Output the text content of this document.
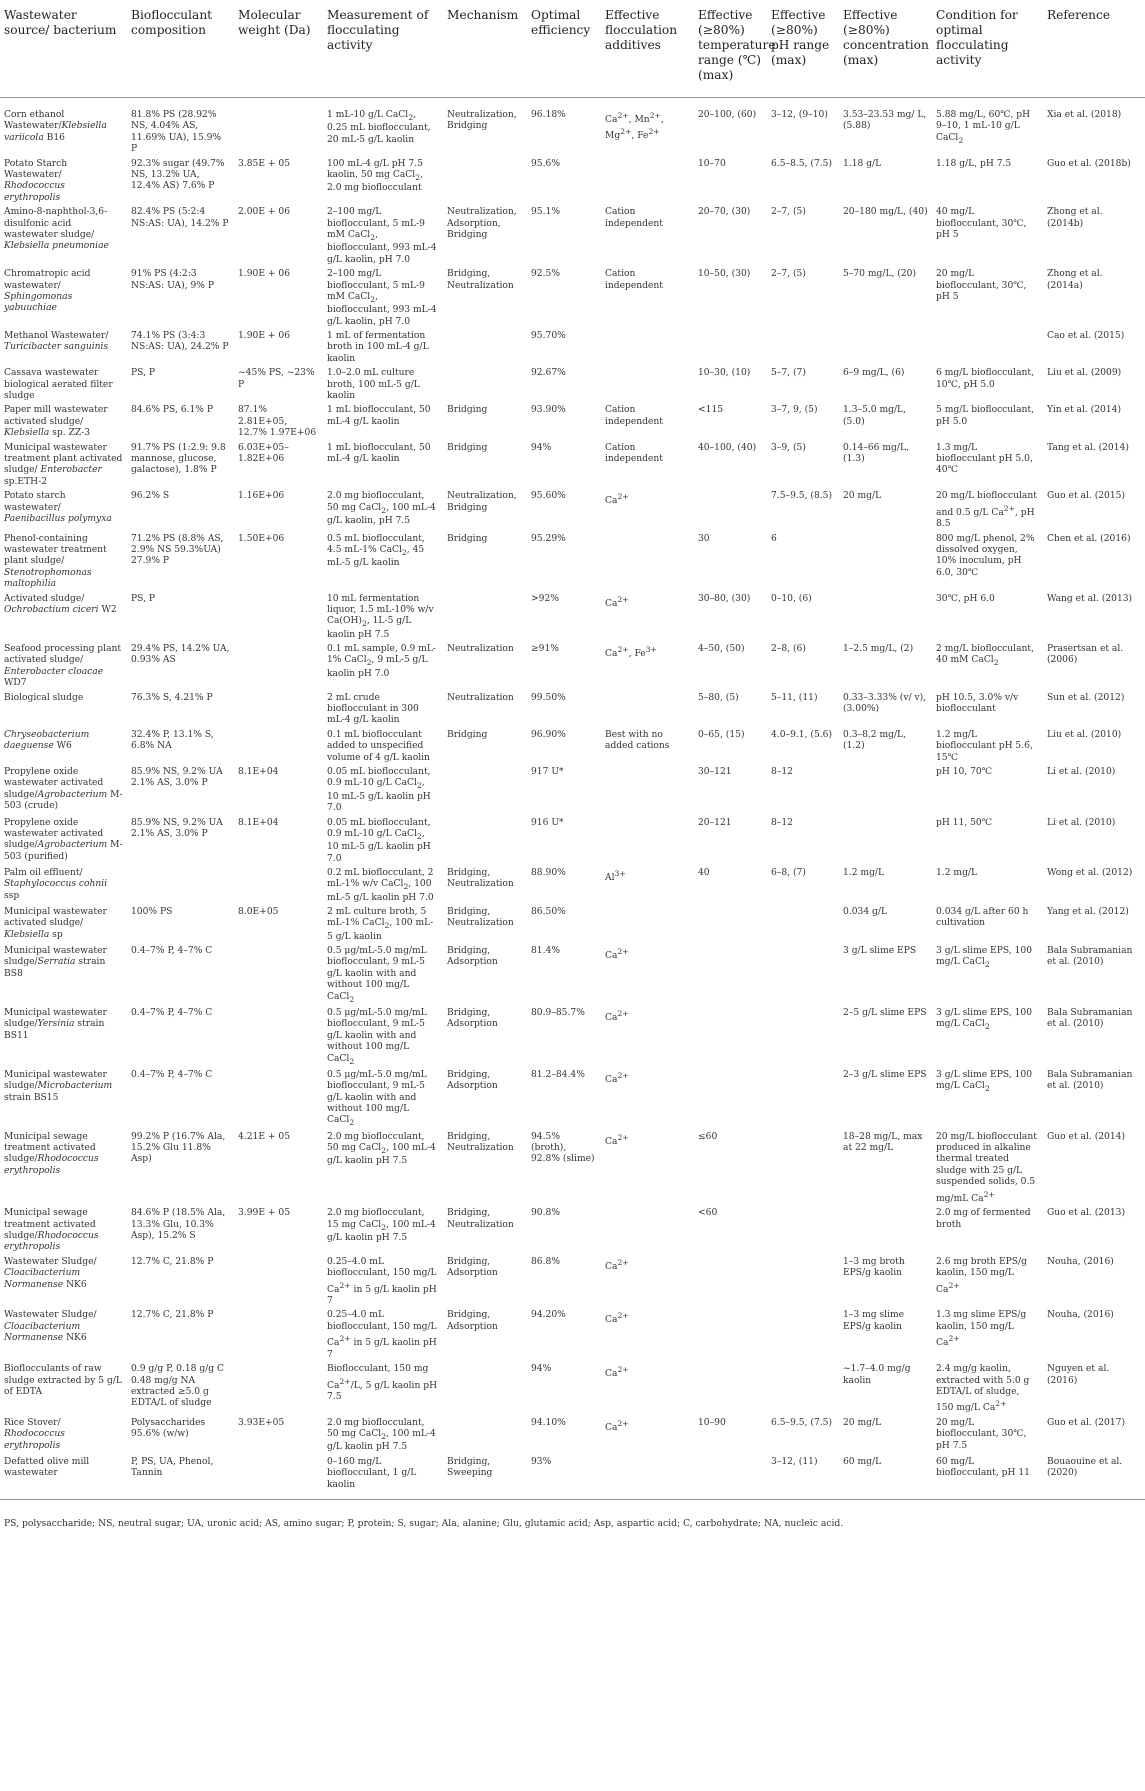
Wastewater source/ bacterium	Bioflocculant composition	Molecular weight (Da)	Measurement of flocculating activity	Mechanism	Optimal efficiency	Effective flocculation additives	Effective (≥80%) temperature range (℃) (max)	Effective (≥80%) pH range (max)	Effective (≥80%) concentration (max)	Condition for optimal flocculating activity	Reference
Corn ethanol Wastewater/Klebsiella variicola B16	81.8% PS (28.92% NS, 4.04% AS, 11.69% UA), 15.9% P		1 mL-10 g/L CaCl$_2$, 0.25 mL bioflocculant, 20 mL-5 g/L kaolin	Neutralization, Bridging	96.18%	$Ca^{2+}$, $Mn^{2+}$, $Mg^{2+}$, $Fe^{2+}$	20–100, (60)	3–12, (9–10)	3.53–23.53 mg/ L, (5.88)	5.88 mg/L, 60℃, pH 9–10, 1 mL-10 g/L CaCl$_2$	Xia et al. (2018)
Potato Starch Wastewater/ Rhodococcus erythropolis	92.3% sugar (49.7% NS, 13.2% UA, 12.4% AS) 7.6% P	3.85E + 05	100 mL-4 g/L pH 7.5 kaolin, 50 mg CaCl$_2$, 2.0 mg bioflocculant		95.6%		10–70	6.5–8.5, (7.5)	1.18 g/L	1.18 g/L, pH 7.5	Guo et al. (2018b)
Amino-8-naphthol-3,6-disulfonic acid wastewater sludge/ Klebsiella pneumoniae	82.4% PS (5:2:4 NS:AS: UA), 14.2% P	2.00E + 06	2–100 mg/L bioflocculant, 5 mL-9 mM CaCl$_2$, bioflocculant, 993 mL-4 g/L kaolin, pH 7.0	Neutralization, Adsorption, Bridging	95.1%	Cation independent	20–70, (30)	2–7, (5)	20–180 mg/L, (40)	40 mg/L bioflocculant, 30℃, pH 5	Zhong et al. (2014b)
Chromatropic acid wastewater/ Sphingomonas yabuuchiae	91% PS (4:2:3 NS:AS: UA), 9% P	1.90E + 06	2–100 mg/L bioflocculant, 5 mL-9 mM CaCl$_2$, bioflocculant, 993 mL-4 g/L kaolin, pH 7.0	Bridging, Neutralization	92.5%	Cation independent	10–50, (30)	2–7, (5)	5–70 mg/L, (20)	20 mg/L bioflocculant, 30℃, pH 5	Zhong et al. (2014a)
Methanol Wastewater/ Turicibacter sanguinis	74.1% PS (3:4:3 NS:AS: UA), 24.2% P	1.90E + 06	1 mL of fermentation broth in 100 mL-4 g/L kaolin		95.70%						Cao et al. (2015)
Cassava wastewater biological aerated filter sludge	PS, P	~45% PS, ~23% P	1.0–2.0 mL culture broth, 100 mL-5 g/L kaolin		92.67%		10–30, (10)	5–7, (7)	6–9 mg/L, (6)	6 mg/L bioflocculant, 10℃, pH 5.0	Liu et al. (2009)
Paper mill wastewater activated sludge/ Klebsiella sp. ZZ-3	84.6% PS, 6.1% P	87.1% 2.81E+05, 12.7% 1.97E+06	1 mL bioflocculant, 50 mL-4 g/L kaolin	Bridging	93.90%	Cation independent	<115	3–7, 9, (5)	1.3–5.0 mg/L, (5.0)	5 mg/L bioflocculant, pH 5.0	Yin et al. (2014)
Municipal wastewater treatment plant activated sludge/ Enterobacter sp.ETH-2	91.7% PS (1:2.9: 9.8 mannose, glucose, galactose), 1.8% P	6.03E+05–1.82E+06	1 mL bioflocculant, 50 mL-4 g/L kaolin	Bridging	94%	Cation independent	40–100, (40)	3–9, (5)	0.14–66 mg/L, (1.3)	1.3 mg/L bioflocculant pH 5.0, 40℃	Tang et al. (2014)
Potato starch wastewater/ Paenibacillus polymyxa	96.2% S	1.16E+06	2.0 mg bioflocculant, 50 mg CaCl$_2$, 100 mL-4 g/L kaolin, pH 7.5	Neutralization, Bridging	95.60%	$Ca^{2+}$		7.5–9.5, (8.5)	20 mg/L	20 mg/L bioflocculant and 0.5 g/L $Ca^{2+}$, pH 8.5	Guo et al. (2015)
Phenol-containing wastewater treatment plant sludge/ Stenotrophomonas maltophilia	71.2% PS (8.8% AS, 2.9% NS 59.3%UA) 27.9% P	1.50E+06	0.5 mL bioflocculant, 4.5 mL-1% CaCl$_2$, 45 mL-5 g/L kaolin	Bridging	95.29%		30	6		800 mg/L phenol, 2% dissolved oxygen, 10% inoculum, pH 6.0, 30℃	Chen et al. (2016)
Activated sludge/ Ochrobactium ciceri W2	PS, P		10 mL fermentation liquor, 1.5 mL-10% w/v $Ca(OH)_2$, 1L-5 g/L kaolin pH 7.5		>92%	$Ca^{2+}$	30–80, (30)	0–10, (6)		30℃, pH 6.0	Wang et al. (2013)
Seafood processing plant activated sludge/ Enterobacter cloacae WD7	29.4% PS, 14.2% UA, 0.93% AS		0.1 mL sample, 0.9 mL-1% CaCl$_2$, 9 mL-5 g/L kaolin pH 7.0	Neutralization	≥91%	$Ca^{2+}$, $Fe^{3+}$	4–50, (50)	2–8, (6)	1–2.5 mg/L, (2)	2 mg/L bioflocculant, 40 mM CaCl$_2$	Prasertsan et al. (2006)
Biological sludge	76.3% S, 4.21% P		2 mL crude bioflocculant in 300 mL-4 g/L kaolin	Neutralization	99.50%		5–80, (5)	5–11, (11)	0.33–3.33% (v/ v), (3.00%)	pH 10.5, 3.0% v/v bioflocculant	Sun et al. (2012)
Chryseobacterium daeguense W6	32.4% P, 13.1% S, 6.8% NA		0.1 mL bioflocculant added to unspecified volume of 4 g/L kaolin	Bridging	96.90%	Best with no added cations	0–65, (15)	4.0–9.1, (5.6)	0.3–8.2 mg/L, (1.2)	1.2 mg/L bioflocculant pH 5.6, 15℃	Liu et al. (2010)
Propylene oxide wastewater activated sludge/Agrobacterium M-503 (crude)	85.9% NS, 9.2% UA 2.1% AS, 3.0% P	8.1E+04	0.05 mL bioflocculant, 0.9 mL-10 g/L CaCl$_2$, 10 mL-5 g/L kaolin pH 7.0		917 U*		30–121	8–12		pH 10, 70℃	Li et al. (2010)
Propylene oxide wastewater activated sludge/Agrobacterium M-503 (purified)	85.9% NS, 9.2% UA 2.1% AS, 3.0% P	8.1E+04	0.05 mL bioflocculant, 0.9 mL-10 g/L CaCl$_2$, 10 mL-5 g/L kaolin pH 7.0		916 U*		20–121	8–12		pH 11, 50℃	Li et al. (2010)
Palm oil effluent/ Staphylococcus cohnii ssp			0.2 mL bioflocculant, 2 mL-1% w/v CaCl$_2$, 100 mL-5 g/L kaolin pH 7.0	Bridging, Neutralization	88.90%	$Al^{3+}$	40	6–8, (7)	1.2 mg/L	1.2 mg/L	Wong et al. (2012)
Municipal wastewater activated sludge/ Klebsiella sp	100% PS	8.0E+05	2 mL culture broth, 5 mL-1% CaCl$_2$, 100 mL-5 g/L kaolin	Bridging, Neutralization	86.50%				0.034 g/L	0.034 g/L after 60 h cultivation	Yang et al. (2012)
Municipal wastewater sludge/Serratia strain BS8	0.4–7% P, 4–7% C		0.5 μg/mL-5.0 mg/mL bioflocculant, 9 mL-5 g/L kaolin with and without 100 mg/L CaCl$_2$	Bridging, Adsorption	81.4%	$Ca^{2+}$			3 g/L slime EPS	3 g/L slime EPS, 100 mg/L CaCl$_2$	Bala Subramanian et al. (2010)
Municipal wastewater sludge/Yersinia strain BS11	0.4–7% P, 4–7% C		0.5 μg/mL-5.0 mg/mL bioflocculant, 9 mL-5 g/L kaolin with and without 100 mg/L CaCl$_2$	Bridging, Adsorption	80.9–85.7%	$Ca^{2+}$			2–5 g/L slime EPS	3 g/L slime EPS, 100 mg/L CaCl$_2$	Bala Subramanian et al. (2010)
Municipal wastewater sludge/Microbacterium strain BS15	0.4–7% P, 4–7% C		0.5 μg/mL-5.0 mg/mL bioflocculant, 9 mL-5 g/L kaolin with and without 100 mg/L CaCl$_2$	Bridging, Adsorption	81.2–84.4%	$Ca^{2+}$			2–3 g/L slime EPS	3 g/L slime EPS, 100 mg/L CaCl$_2$	Bala Subramanian et al. (2010)
Municipal sewage treatment activated sludge/Rhodococcus erythropolis	99.2% P (16.7% Ala, 15.2% Glu 11.8% Asp)	4.21E + 05	2.0 mg bioflocculant, 50 mg CaCl$_2$, 100 mL-4 g/L kaolin pH 7.5	Bridging, Neutralization	94.5% (broth), 92.8% (slime)	$Ca^{2+}$	≤60		18–28 mg/L, max at 22 mg/L	20 mg/L bioflocculant produced in alkaline thermal treated sludge with 25 g/L suspended solids, 0.5 mg/mL $Ca^{2+}$	Guo et al. (2014)
Municipal sewage treatment activated sludge/Rhodococcus erythropolis	84.6% P (18.5% Ala, 13.3% Glu, 10.3% Asp), 15.2% S	3.99E + 05	2.0 mg bioflocculant, 15 mg CaCl$_2$, 100 mL-4 g/L kaolin pH 7.5	Bridging, Neutralization	90.8%		<60			2.0 mg of fermented broth	Guo et al. (2013)
Wastewater Sludge/ Cloacibacterium Normanense NK6	12.7% C, 21.8% P		0.25–4.0 mL bioflocculant, 150 mg/L $Ca^{2+}$ in 5 g/L kaolin pH 7	Bridging, Adsorption	86.8%	$Ca^{2+}$			1–3 mg broth EPS/g kaolin	2.6 mg broth EPS/g kaolin, 150 mg/L $Ca^{2+}$	Nouha, (2016)
Wastewater Sludge/ Cloacibacterium Normanense NK6	12.7% C, 21.8% P		0.25–4.0 mL bioflocculant, 150 mg/L $Ca^{2+}$ in 5 g/L kaolin pH 7	Bridging, Adsorption	94.20%	$Ca^{2+}$			1–3 mg slime EPS/g kaolin	1.3 mg slime EPS/g kaolin, 150 mg/L $Ca^{2+}$	Nouha, (2016)
Bioflocculants of raw sludge extracted by 5 g/L of EDTA	0.9 g/g P, 0.18 g/g C 0.48 mg/g NA extracted ≥5.0 g EDTA/L of sludge		Bioflocculant, 150 mg $Ca^{2+}/L$, 5 g/L kaolin pH 7.5		94%	$Ca^{2+}$			~1.7–4.0 mg/g kaolin	2.4 mg/g kaolin, extracted with 5.0 g EDTA/L of sludge, 150 mg/L $Ca^{2+}$	Nguyen et al. (2016)
Rice Stover/ Rhodococcus erythropolis	Polysaccharides 95.6% (w/w)	3.93E+05	2.0 mg bioflocculant, 50 mg CaCl$_2$, 100 mL-4 g/L kaolin pH 7.5		94.10%	$Ca^{2+}$	10–90	6.5–9.5, (7.5)	20 mg/L	20 mg/L bioflocculant, 30℃, pH 7.5	Guo et al. (2017)
Defatted olive mill wastewater	P, PS, UA, Phenol, Tannin		0–160 mg/L bioflocculant, 1 g/L kaolin	Bridging, Sweeping	93%			3–12, (11)	60 mg/L	60 mg/L bioflocculant, pH 11	Bouaouine et al. (2020)
PS, polysaccharide; NS, neutral sugar; UA, uronic acid; AS, amino sugar; P, protein; S, sugar; Ala, alanine; Glu, glutamic acid; Asp, aspartic acid; C, carbohydrate; NA, nucleic acid.
